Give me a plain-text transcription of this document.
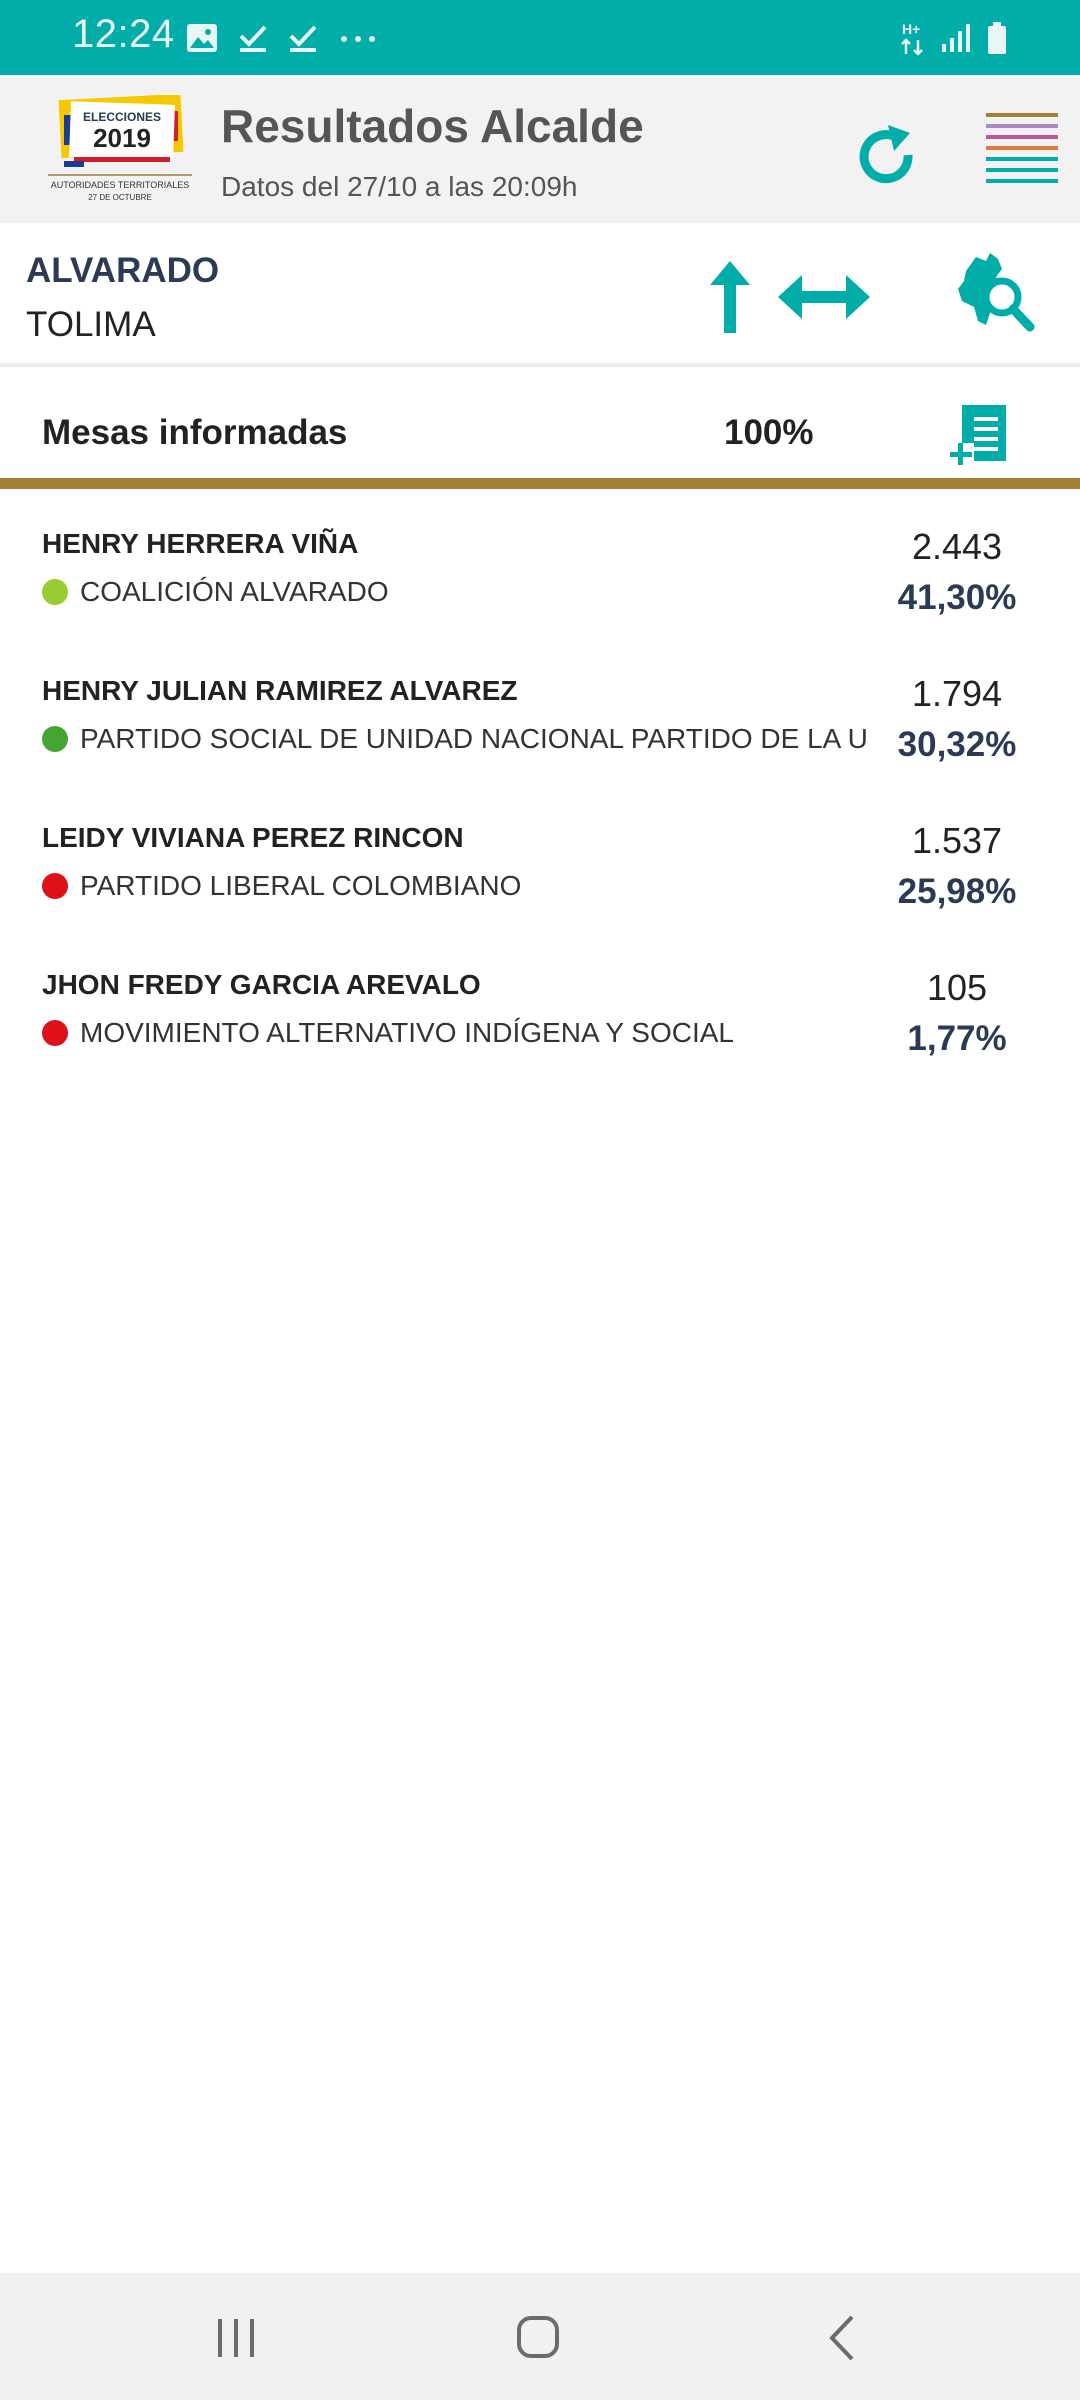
12:24	H+
ELECCIONES
2019
AUTORIDADES TERRITORIALES
27 DE OCTUBRE
Resultados Alcalde
Datos del 27/10 a las 20:09h
ALVARADO
TOLIMA
Mesas informadas	100%
HENRY HERRERA VIÑA
COALICIÓN ALVARADO
2.443
41,30%
HENRY JULIAN RAMIREZ ALVAREZ
PARTIDO SOCIAL DE UNIDAD NACIONAL PARTIDO DE LA U
1.794
30,32%
LEIDY VIVIANA PEREZ RINCON
PARTIDO LIBERAL COLOMBIANO
1.537
25,98%
JHON FREDY GARCIA AREVALO
MOVIMIENTO ALTERNATIVO INDÍGENA Y SOCIAL
105
1,77%
